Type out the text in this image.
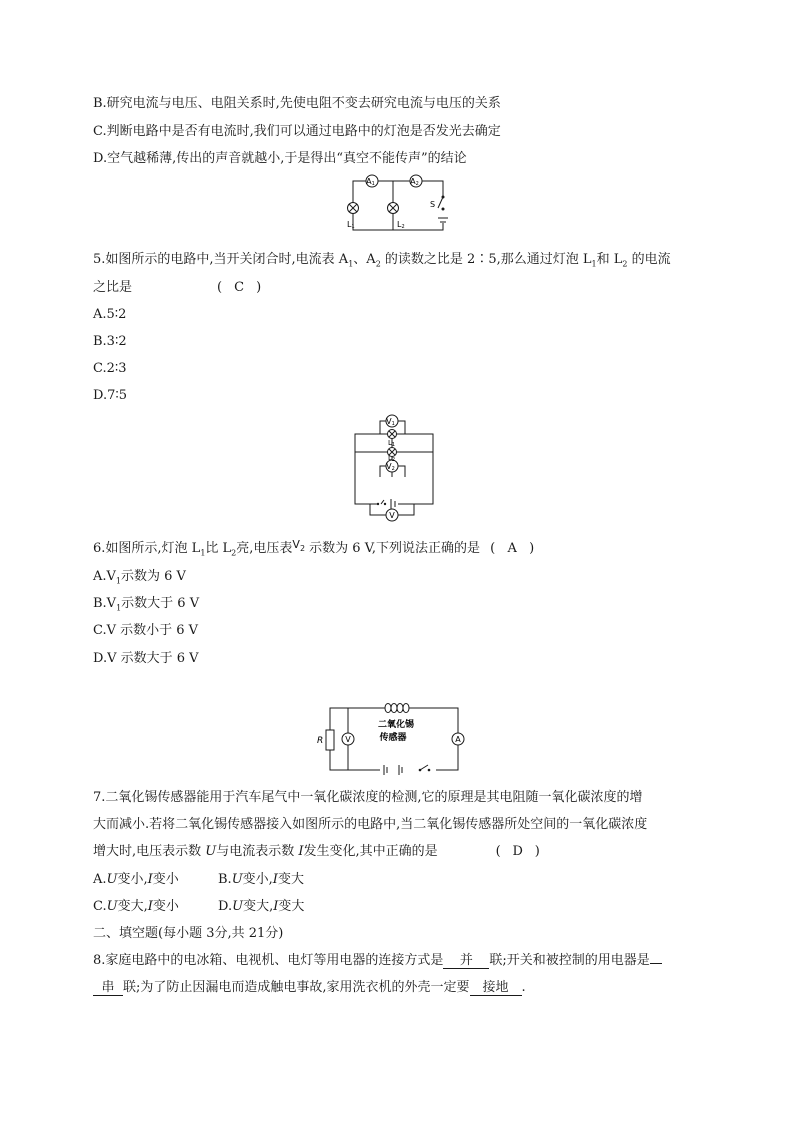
B.研究电流与电压、电阻关系时,先使电阻不变去研究电流与电压的关系
C.判断电路中是否有电流时,我们可以通过电路中的灯泡是否发光去确定
D.空气越稀薄,传出的声音就越小,于是得出“真空不能传声”的结论
A1	A2
L1	L2
S
5.如图所示的电路中,当开关闭合时,电流表 $A_1$、$A_2$ 的读数之比是 2∶5,那么通过灯泡 $L_1$和 $L_2$ 的电流
之比是	( C )
A.5∶2
B.3∶2
C.2∶3
D.7∶5
V1
V2
V
L1
L2
6.如图所示,灯泡 $L_1$比 $L_2$亮,电压表$^{V_2}$ 示数为 6 V,下列说法正确的是 ( A )
$A.V_1$示数为 6 V
$B.V_1$示数大于 6 V
C.V 示数小于 6 V
D.V 示数大于 6 V
R	V	A
二氧化锡
传感器
7.二氧化锡传感器能用于汽车尾气中一氧化碳浓度的检测,它的原理是其电阻随一氧化碳浓度的增
大而减小.若将二氧化锡传感器接入如图所示的电路中,当二氧化锡传感器所处空间的一氧化碳浓度
增大时,电压表示数 U与电流表示数 I发生变化,其中正确的是	( D )
A.U变小,I变小	B.U变小,I变大
C.U变大,I变小	D.U变大,I变大
二、填空题(每小题 3分,共 21分)
8.家庭电路中的电冰箱、电视机、电灯等用电器的连接方式是 并 联;开关和被控制的用电器是
串 联;为了防止因漏电而造成触电事故,家用洗衣机的外壳一定要 接地 .
